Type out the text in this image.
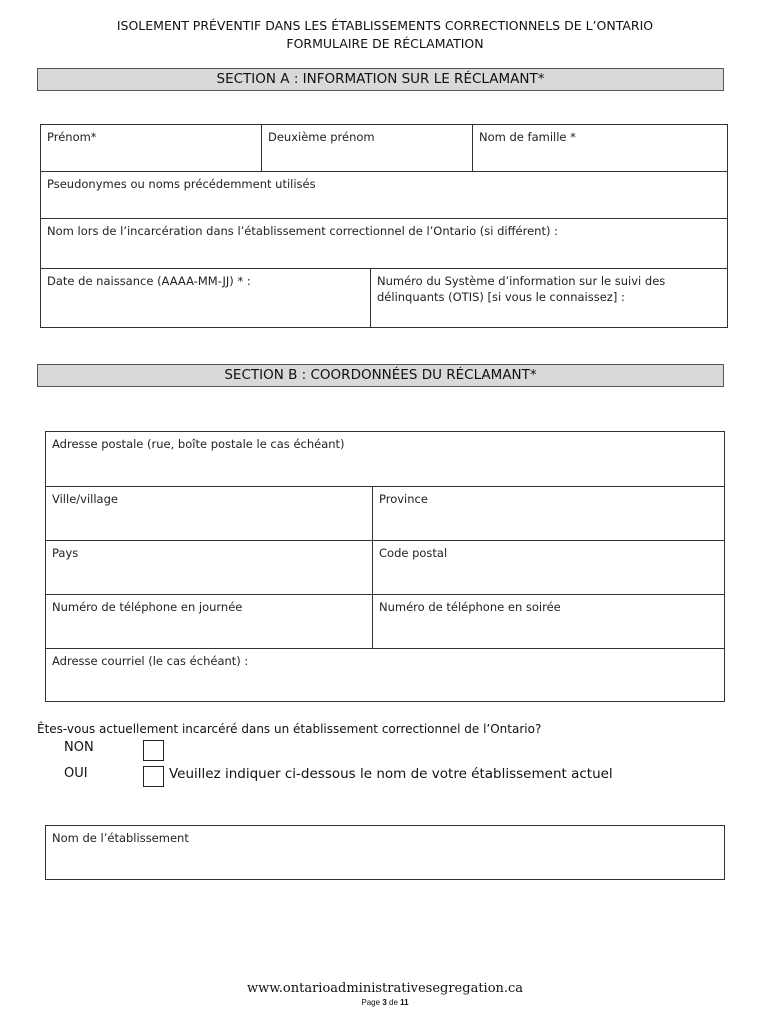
ISOLEMENT PRÉVENTIF DANS LES ÉTABLISSEMENTS CORRECTIONNELS DE L’ONTARIO
FORMULAIRE DE RÉCLAMATION
SECTION A : INFORMATION SUR LE RÉCLAMANT*
Prénom*	Deuxième prénom	Nom de famille *
Pseudonymes ou noms précédemment utilisés
Nom lors de l’incarcération dans l’établissement correctionnel de l’Ontario (si différent) :
Date de naissance (AAAA-MM-JJ) * :	Numéro du Système d’information sur le suivi des délinquants (OTIS) [si vous le connaissez] :
SECTION B : COORDONNÉES DU RÉCLAMANT*
Adresse postale (rue, boîte postale le cas échéant)
Ville/village	Province
Pays	Code postal
Numéro de téléphone en journée	Numéro de téléphone en soirée
Adresse courriel (le cas échéant) :
Êtes-vous actuellement incarcéré dans un établissement correctionnel de l’Ontario?
NON
OUI	Veuillez indiquer ci-dessous le nom de votre établissement actuel
Nom de l’établissement
www.ontarioadministrativesegregation.ca
Page 3 de 11
